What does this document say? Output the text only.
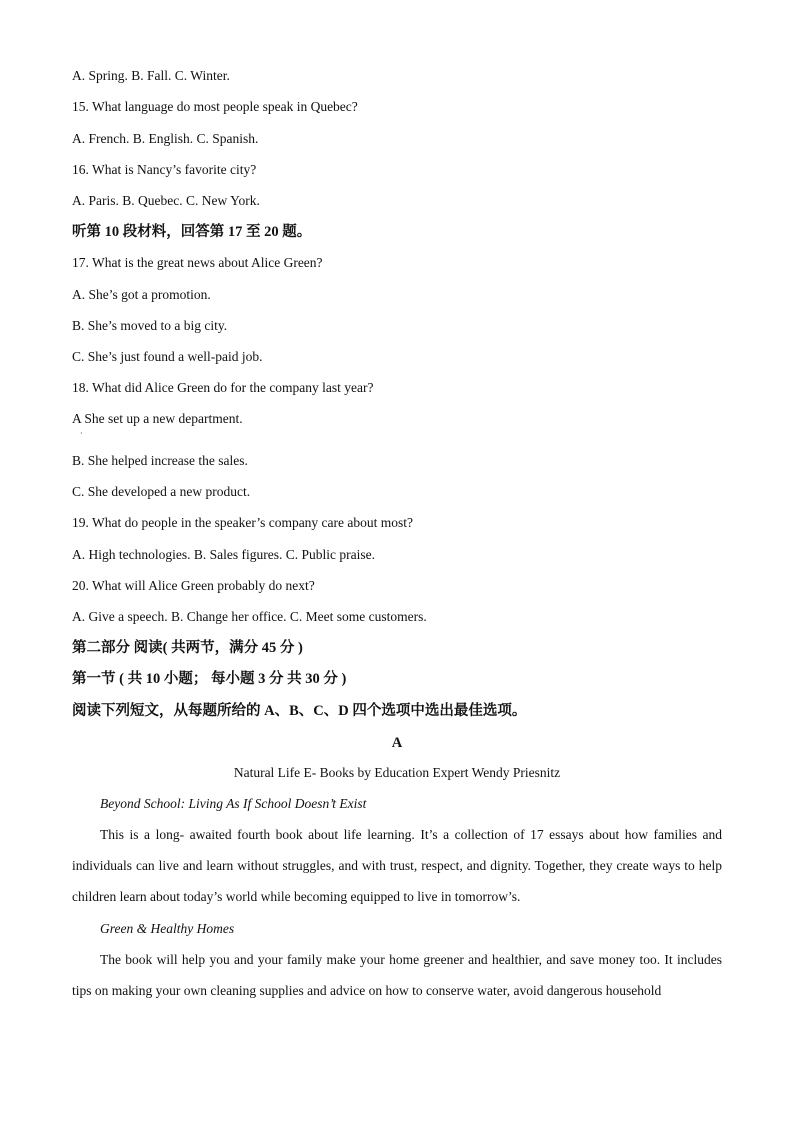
A. Spring. B. Fall. C. Winter.
15. What language do most people speak in Quebec?
A. French. B. English. C. Spanish.
16. What is Nancy’s favorite city?
A. Paris. B. Quebec. C. New York.
听第 10 段材料，回答第 17 至 20 题。
17. What is the great news about Alice Green?
A. She’s got a promotion.
B. She’s moved to a big city.
C. She’s just found a well-paid job.
18. What did Alice Green do for the company last year?
A She set up a new department.
·
B. She helped increase the sales.
C. She developed a new product.
19. What do people in the speaker’s company care about most?
A. High technologies. B. Sales figures. C. Public praise.
20. What will Alice Green probably do next?
A. Give a speech. B. Change her office. C. Meet some customers.
第二部分 阅读( 共两节，满分 45 分 )
第一节 ( 共 10 小题； 每小题 3 分 共 30 分 )
阅读下列短文，从每题所给的 A、B、C、D 四个选项中选出最佳选项。
A
Natural Life E- Books by Education Expert Wendy Priesnitz
Beyond School: Living As If School Doesn’t Exist
This is a long- awaited fourth book about life learning. It’s a collection of 17 essays about how families and individuals can live and learn without struggles, and with trust, respect, and dignity. Together, they create ways to help children learn about today’s world while becoming equipped to live in tomorrow’s.
Green & Healthy Homes
The book will help you and your family make your home greener and healthier, and save money too. It includes tips on making your own cleaning supplies and advice on how to conserve water, avoid dangerous household
